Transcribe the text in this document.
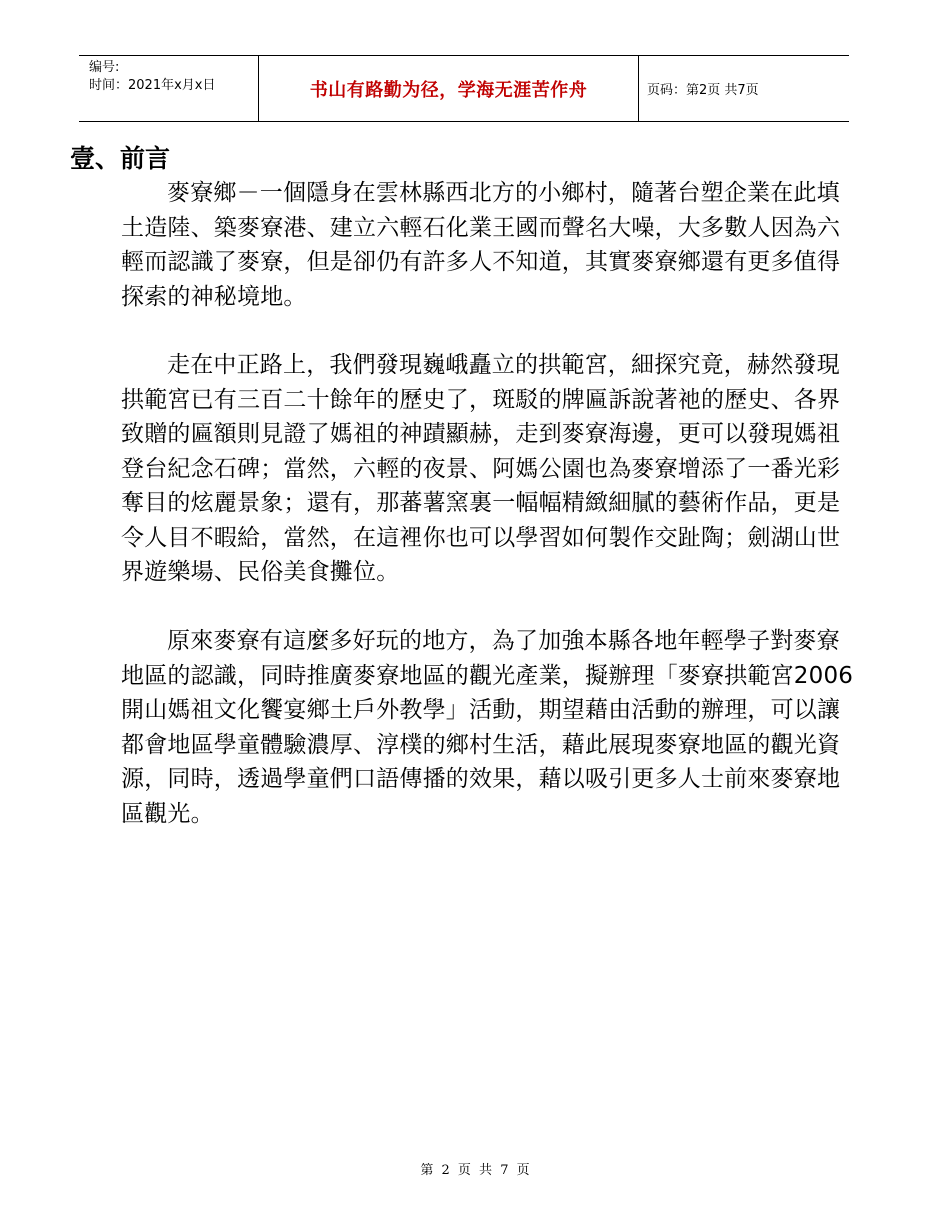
编号:
时间：2021年x月x日	书山有路勤为径，学海无涯苦作舟	页码：第2页 共7页
壹、前言

麥寮鄉－一個隱身在雲林縣西北方的小鄉村，隨著台塑企業在此填土造陸、築麥寮港、建立六輕石化業王國而聲名大噪，大多數人因為六輕而認識了麥寮，但是卻仍有許多人不知道，其實麥寮鄉還有更多值得探索的神秘境地。

走在中正路上，我們發現巍峨矗立的拱範宮，細探究竟，赫然發現拱範宮已有三百二十餘年的歷史了，斑駁的牌匾訴說著祂的歷史、各界致贈的匾額則見證了媽祖的神蹟顯赫，走到麥寮海邊，更可以發現媽祖登台紀念石碑；當然，六輕的夜景、阿媽公園也為麥寮增添了一番光彩奪目的炫麗景象；還有，那蕃薯窯裏一幅幅精緻細膩的藝術作品，更是令人目不暇給，當然，在這裡你也可以學習如何製作交趾陶；劍湖山世界遊樂場、民俗美食攤位。

原來麥寮有這麼多好玩的地方，為了加強本縣各地年輕學子對麥寮地區的認識，同時推廣麥寮地區的觀光產業，擬辦理「麥寮拱範宮2006開山媽祖文化饗宴鄉土戶外教學」活動，期望藉由活動的辦理，可以讓都會地區學童體驗濃厚、淳樸的鄉村生活，藉此展現麥寮地區的觀光資源，同時，透過學童們口語傳播的效果，藉以吸引更多人士前來麥寮地區觀光。

第 2 页 共 7 页
